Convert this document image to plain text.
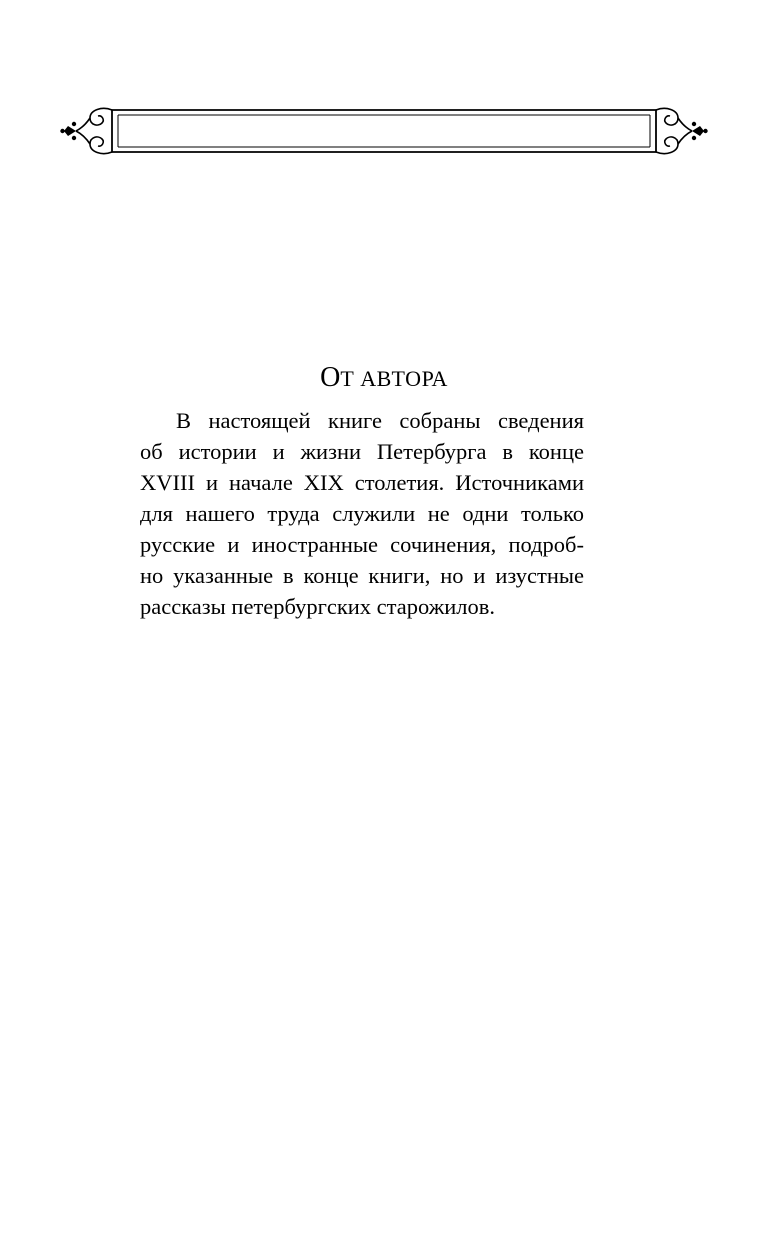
ОТ АВТОРА
В настоящей книге собраны сведения
об истории и жизни Петербурга в конце
XVIII и начале XIX столетия. Источниками
для нашего труда служили не одни только
русские и иностранные сочинения, подроб-
но указанные в конце книги, но и изустные
рассказы петербургских старожилов.
